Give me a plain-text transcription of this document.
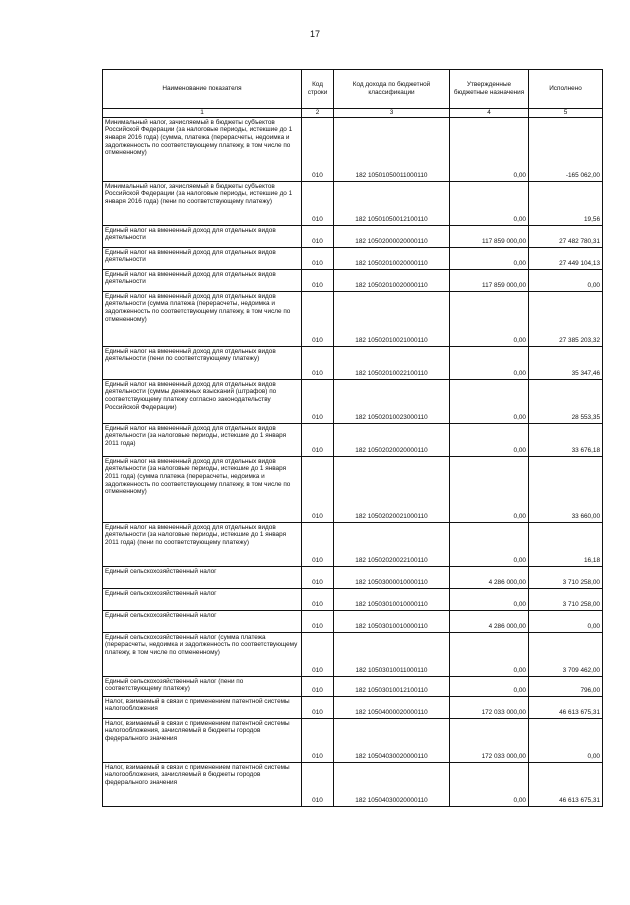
17
Наименование показателя	Код строки	Код дохода по бюджетной классификации	Утвержденные бюджетные назначения	Исполнено
1	2	3	4	5
Минимальный налог, зачисляемый в бюджеты субъектов Российской Федерации (за налоговые периоды, истекшие до 1 января 2016 года) (сумма, платежа (перерасчеты, недоимка и задолженность по соответствующему платежу, в том числе по отмененному)	010	182 10501050011000110	0,00	-165 062,00
Минимальный налог, зачисляемый в бюджеты субъектов Российской Федерации (за налоговые периоды, истекшие до 1 января 2016 года) (пени по соответствующему платежу)	010	182 10501050012100110	0,00	19,56
Единый налог на вмененный доход для отдельных видов деятельности	010	182 10502000020000110	117 859 000,00	27 482 780,31
Единый налог на вмененный доход для отдельных видов деятельности	010	182 10502010020000110	0,00	27 449 104,13
Единый налог на вмененный доход для отдельных видов деятельности	010	182 10502010020000110	117 859 000,00	0,00
Единый налог на вмененный доход для отдельных видов деятельности (сумма платежа (перерасчеты, недоимка и задолженность по соответствующему платежу, в том числе по отмененному)	010	182 10502010021000110	0,00	27 385 203,32
Единый налог на вмененный доход для отдельных видов деятельности (пени по соответствующему платежу)	010	182 10502010022100110	0,00	35 347,46
Единый налог на вмененный доход для отдельных видов деятельности (суммы денежных взысканий (штрафов) по соответствующему платежу согласно законодательству Российской Федерации)	010	182 10502010023000110	0,00	28 553,35
Единый налог на вмененный доход для отдельных видов деятельности (за налоговые периоды, истекшие до 1 января 2011 года)	010	182 10502020020000110	0,00	33 676,18
Единый налог на вмененный доход для отдельных видов деятельности (за налоговые периоды, истекшие до 1 января 2011 года) (сумма платежа (перерасчеты, недоимка и задолженность по соответствующему платежу, в том числе по отмененному)	010	182 10502020021000110	0,00	33 660,00
Единый налог на вмененный доход для отдельных видов деятельности (за налоговые периоды, истекшие до 1 января 2011 года) (пени по соответствующему платежу)	010	182 10502020022100110	0,00	16,18
Единый сельскохозяйственный налог	010	182 10503000010000110	4 286 000,00	3 710 258,00
Единый сельскохозяйственный налог	010	182 10503010010000110	0,00	3 710 258,00
Единый сельскохозяйственный налог	010	182 10503010010000110	4 286 000,00	0,00
Единый сельскохозяйственный налог (сумма платежа (перерасчеты, недоимка и задолженность по соответствующему платежу, в том числе по отмененному)	010	182 10503010011000110	0,00	3 709 462,00
Единый сельскохозяйственный налог (пени по соответствующему платежу)	010	182 10503010012100110	0,00	796,00
Налог, взимаемый в связи с применением патентной системы налогообложения	010	182 10504000020000110	172 033 000,00	46 613 675,31
Налог, взимаемый в связи с применением патентной системы налогообложения, зачисляемый в бюджеты городов федерального значения	010	182 10504030020000110	172 033 000,00	0,00
Налог, взимаемый в связи с применением патентной системы налогообложения, зачисляемый в бюджеты городов федерального значения	010	182 10504030020000110	0,00	46 613 675,31
